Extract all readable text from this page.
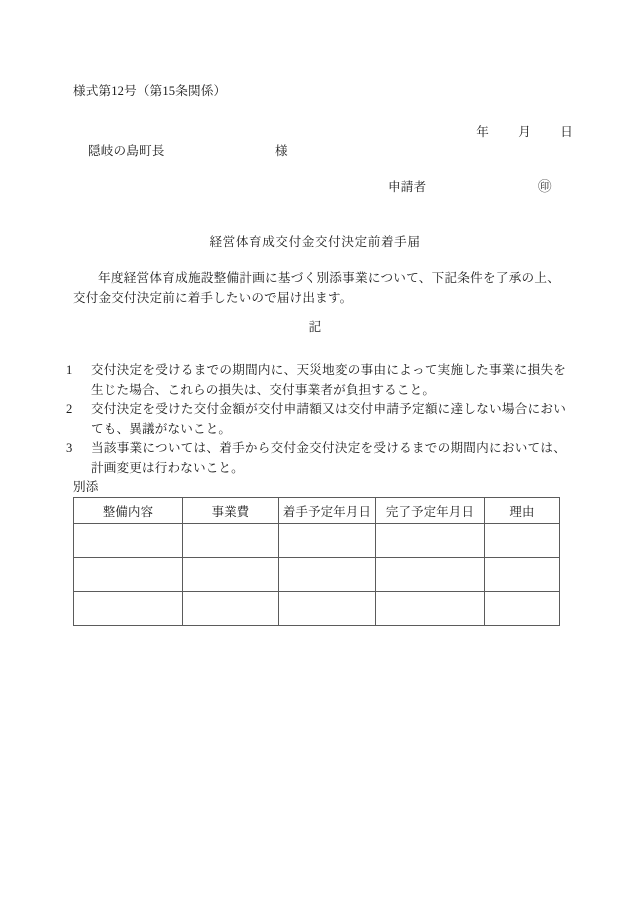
様式第12号（第15条関係）

年 月 日

隠岐の島町長	様
申請者	㊞
経営体育成交付金交付決定前着手届
年度経営体育成施設整備計画に基づく別添事業について、下記条件を了承の上、交付金交付決定前に着手したいので届け出ます。
記
1	交付決定を受けるまでの期間内に、天災地変の事由によって実施した事業に損失を生じた場合、これらの損失は、交付事業者が負担すること。
2	交付決定を受けた交付金額が交付申請額又は交付申請予定額に達しない場合においても、異議がないこと。
3	当該事業については、着手から交付金交付決定を受けるまでの期間内においては、計画変更は行わないこと。
別添
整備内容	事業費	着手予定年月日	完了予定年月日	理由
